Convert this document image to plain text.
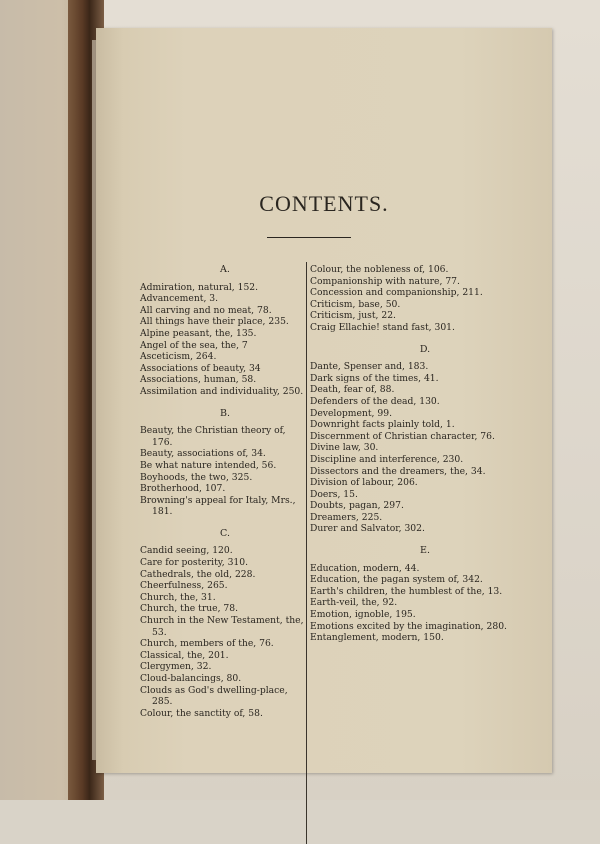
CONTENTS.
A.
Admiration, natural, 152.
Advancement, 3.
All carving and no meat, 78.
All things have their place, 235.
Alpine peasant, the, 135.
Angel of the sea, the, 7
Asceticism, 264.
Associations of beauty, 34
Associations, human, 58.
Assimilation and individuality, 250.
B.
Beauty, the Christian theory of, 176.
Beauty, associations of, 34.
Be what nature intended, 56.
Boyhoods, the two, 325.
Brotherhood, 107.
Browning's appeal for Italy, Mrs., 181.
C.
Candid seeing, 120.
Care for posterity, 310.
Cathedrals, the old, 228.
Cheerfulness, 265.
Church, the, 31.
Church, the true, 78.
Church in the New Testament, the, 53.
Church, members of the, 76.
Classical, the, 201.
Clergymen, 32.
Cloud-balancings, 80.
Clouds as God's dwelling-place, 285.
Colour, the sanctity of, 58.
Colour, the nobleness of, 106.
Companionship with nature, 77.
Concession and companionship, 211.
Criticism, base, 50.
Criticism, just, 22.
Craig Ellachie! stand fast, 301.
D.
Dante, Spenser and, 183.
Dark signs of the times, 41.
Death, fear of, 88.
Defenders of the dead, 130.
Development, 99.
Downright facts plainly told, 1.
Discernment of Christian character, 76.
Divine law, 30.
Discipline and interference, 230.
Dissectors and the dreamers, the, 34.
Division of labour, 206.
Doers, 15.
Doubts, pagan, 297.
Dreamers, 225.
Durer and Salvator, 302.
E.
Education, modern, 44.
Education, the pagan system of, 342.
Earth's children, the humblest of the, 13.
Earth-veil, the, 92.
Emotion, ignoble, 195.
Emotions excited by the imagination, 280.
Entanglement, modern, 150.
